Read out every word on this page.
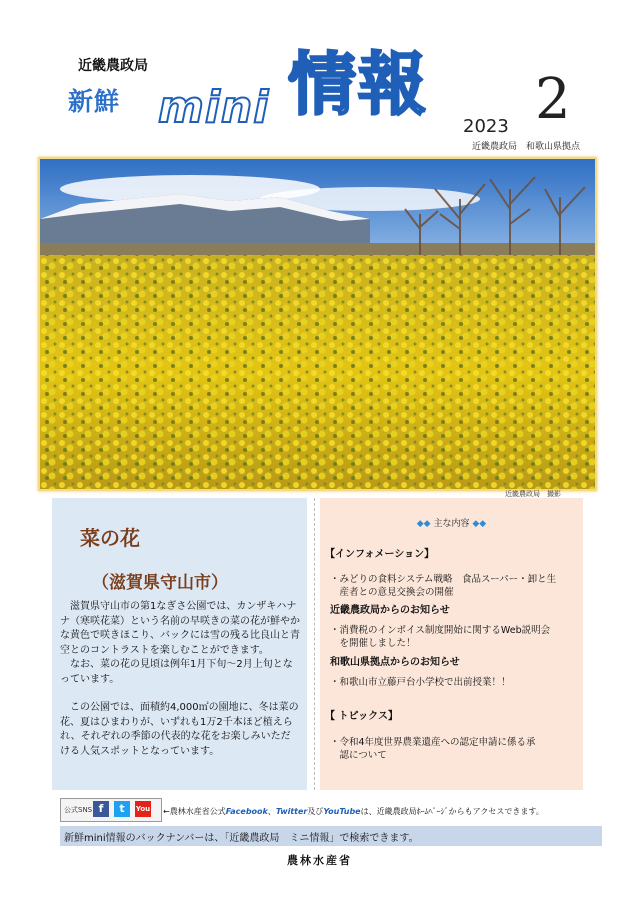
近畿農政局
新鮮 mini 情報
2023 2
近畿農政局　和歌山県拠点
近畿農政局　撮影
菜の花
（滋賀県守山市）

滋賀県守山市の第1なぎさ公園では、カンザキハナナ（寒咲花菜）という名前の早咲きの菜の花が鮮やかな黄色で咲きほこり、バックには雪の残る比良山と青空とのコントラストを楽しむことができます。

なお、菜の花の見頃は例年1月下旬～2月上旬となっています。

この公園では、面積約4,000㎡の園地に、冬は菜の花、夏はひまわりが、いずれも1万2千本ほど植えられ、それぞれの季節の代表的な花をお楽しみいただける人気スポットとなっています。

◆◆ 主な内容 ◆◆
【インフォメーション】
・みどりの食料システム戦略　食品スーパー・卸と生
　産者との意見交換会の開催
近畿農政局からのお知らせ
・消費税のインボイス制度開始に関するWeb説明会
　を開催しました！
和歌山県拠点からのお知らせ
・和歌山市立藤戸台小学校で出前授業！！
【 トピックス】
・令和4年度世界農業遺産への認定申請に係る承
　認について
公式SNS f	t	You ←農林水産省公式Facebook、Twitter及びYouTubeは、近畿農政局ﾎｰﾑﾍﾟｰｼﾞからもアクセスできます。
新鮮mini情報のバックナンバーは、「近畿農政局　ミニ情報」で検索できます。
農林水産省
